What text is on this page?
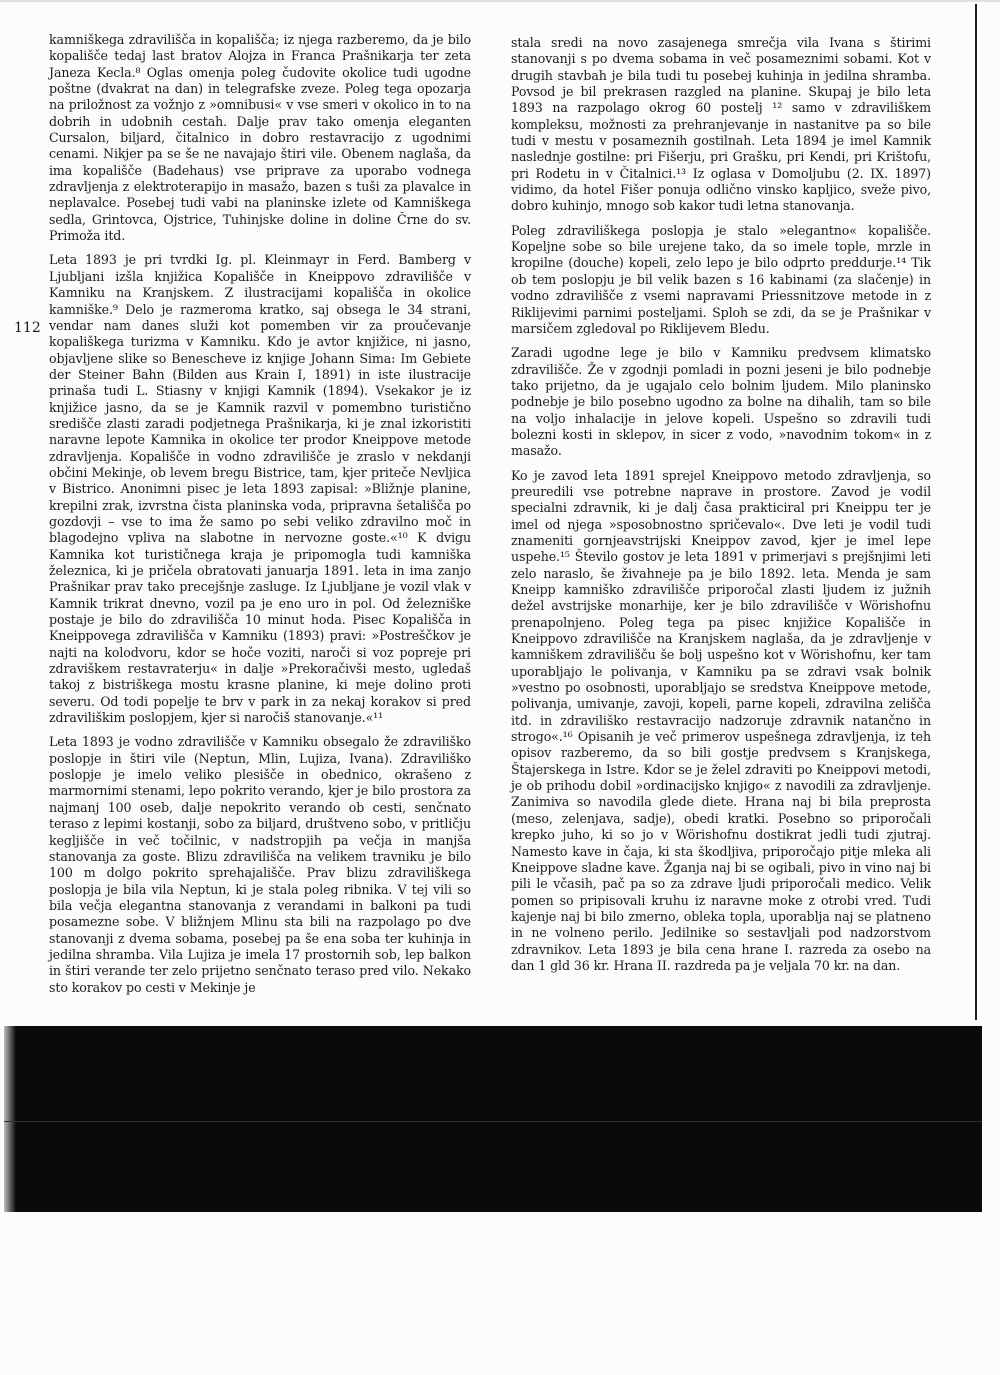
kamniškega zdravilišča in kopališča; iz njega razberemo, da je bilo kopališče tedaj last bratov Alojza in Franca Prašnikarja ter zeta Janeza Kecla.⁸ Oglas omenja poleg čudovite okolice tudi ugodne poštne (dvakrat na dan) in telegrafske zveze. Poleg tega opozarja na priložnost za vožnjo z »omnibusi« v vse smeri v okolico in to na dobrih in udobnih cestah. Dalje prav tako omenja eleganten Cursalon, biljard, čitalnico in dobro restavracijo z ugodnimi cenami. Nikjer pa se še ne navajajo štiri vile. Obenem naglaša, da ima kopališče (Badehaus) vse priprave za uporabo vodnega zdravljenja z elektroterapijo in masažo, bazen s tuši za plavalce in neplavalce. Posebej tudi vabi na planinske izlete od Kamniškega sedla, Grintovca, Ojstrice, Tuhinjske doline in doline Črne do sv. Primoža itd.

Leta 1893 je pri tvrdki Ig. pl. Kleinmayr in Ferd. Bamberg v Ljubljani izšla knjižica Kopališče in Kneippovo zdravilišče v Kamniku na Kranjskem. Z ilustracijami kopališča in okolice kamniške.⁹ Delo je razmeroma kratko, saj obsega le 34 strani, vendar nam danes služi kot pomemben vir za proučevanje kopališkega turizma v Kamniku. Kdo je avtor knjižice, ni jasno, objavljene slike so Benescheve iz knjige Johann Sima: Im Gebiete der Steiner Bahn (Bilden aus Krain I, 1891) in iste ilustracije prinaša tudi L. Stiasny v knjigi Kamnik (1894). Vsekakor je iz knjižice jasno, da se je Kamnik razvil v pomembno turistično središče zlasti zaradi podjetnega Prašnikarja, ki je znal izkoristiti naravne lepote Kamnika in okolice ter prodor Kneippove metode zdravljenja. Kopališče in vodno zdravilišče je zraslo v nekdanji občini Mekinje, ob levem bregu Bistrice, tam, kjer priteče Nevljica v Bistrico. Anonimni pisec je leta 1893 zapisal: »Bližnje planine, krepilni zrak, izvrstna čista planinska voda, pripravna šetališča po gozdovji – vse to ima že samo po sebi veliko zdravilno moč in blagodejno vpliva na slabotne in nervozne goste.«¹⁰ K dvigu Kamnika kot turističnega kraja je pripomogla tudi kamniška železnica, ki je pričela obratovati januarja 1891. leta in ima zanjo Prašnikar prav tako precejšnje zasluge. Iz Ljubljane je vozil vlak v Kamnik trikrat dnevno, vozil pa je eno uro in pol. Od železniške postaje je bilo do zdravilišča 10 minut hoda. Pisec Kopališča in Kneippovega zdravilišča v Kamniku (1893) pravi: »Postreščkov je najti na kolodvoru, kdor se hoče voziti, naroči si voz popreje pri zdraviškem restavraterju« in dalje »Prekoračivši mesto, ugledaš takoj z bistriškega mostu krasne planine, ki meje dolino proti severu. Od todi popelje te brv v park in za nekaj korakov si pred zdraviliškim poslopjem, kjer si naročiš stanovanje.«¹¹

Leta 1893 je vodno zdravilišče v Kamniku obsegalo že zdraviliško poslopje in štiri vile (Neptun, Mlin, Lujiza, Ivana). Zdraviliško poslopje je imelo veliko plesišče in obednico, okrašeno z marmornimi stenami, lepo pokrito verando, kjer je bilo prostora za najmanj 100 oseb, dalje nepokrito verando ob cesti, senčnato teraso z lepimi kostanji, sobo za biljard, društveno sobo, v pritličju kegljišče in več točilnic, v nadstropjih pa večja in manjša stanovanja za goste. Blizu zdravilišča na velikem travniku je bilo 100 m dolgo pokrito sprehajališče. Prav blizu zdraviliškega poslopja je bila vila Neptun, ki je stala poleg ribnika. V tej vili so bila večja elegantna stanovanja z verandami in balkoni pa tudi posamezne sobe. V bližnjem Mlinu sta bili na razpolago po dve stanovanji z dvema sobama, posebej pa še ena soba ter kuhinja in jedilna shramba. Vila Lujiza je imela 17 prostornih sob, lep balkon in štiri verande ter zelo prijetno senčnato teraso pred vilo. Nekako sto korakov po cesti v Mekinje je

112

stala sredi na novo zasajenega smrečja vila Ivana s štirimi stanovanji s po dvema sobama in več posameznimi sobami. Kot v drugih stavbah je bila tudi tu posebej kuhinja in jedilna shramba. Povsod je bil prekrasen razgled na planine. Skupaj je bilo leta 1893 na razpolago okrog 60 postelj ¹² samo v zdraviliškem kompleksu, možnosti za prehranjevanje in nastanitve pa so bile tudi v mestu v posameznih gostilnah. Leta 1894 je imel Kamnik naslednje gostilne: pri Fišerju, pri Grašku, pri Kendi, pri Krištofu, pri Rodetu in v Čitalnici.¹³ Iz oglasa v Domoljubu (2. IX. 1897) vidimo, da hotel Fišer ponuja odlično vinsko kapljico, sveže pivo, dobro kuhinjo, mnogo sob kakor tudi letna stanovanja.

Poleg zdraviliškega poslopja je stalo »elegantno« kopališče. Kopeljne sobe so bile urejene tako, da so imele tople, mrzle in kropilne (douche) kopeli, zelo lepo je bilo odprto preddurje.¹⁴ Tik ob tem poslopju je bil velik bazen s 16 kabinami (za slačenje) in vodno zdravilišče z vsemi napravami Priessnitzove metode in z Riklijevimi parnimi posteljami. Sploh se zdi, da se je Prašnikar v marsičem zgledoval po Riklijevem Bledu.

Zaradi ugodne lege je bilo v Kamniku predvsem klimatsko zdravilišče. Že v zgodnji pomladi in pozni jeseni je bilo podnebje tako prijetno, da je ugajalo celo bolnim ljudem. Milo planinsko podnebje je bilo posebno ugodno za bolne na dihalih, tam so bile na voljo inhalacije in jelove kopeli. Uspešno so zdravili tudi bolezni kosti in sklepov, in sicer z vodo, »navodnim tokom« in z masažo.

Ko je zavod leta 1891 sprejel Kneippovo metodo zdravljenja, so preuredili vse potrebne naprave in prostore. Zavod je vodil specialni zdravnik, ki je dalj časa prakticiral pri Kneippu ter je imel od njega »sposobnostno spričevalo«. Dve leti je vodil tudi znameniti gornjeavstrijski Kneippov zavod, kjer je imel lepe uspehe.¹⁵ Število gostov je leta 1891 v primerjavi s prejšnjimi leti zelo naraslo, še živahneje pa je bilo 1892. leta. Menda je sam Kneipp kamniško zdravilišče priporočal zlasti ljudem iz južnih dežel avstrijske monarhije, ker je bilo zdravilišče v Wörishofnu prenapolnjeno. Poleg tega pa pisec knjižice Kopališče in Kneippovo zdravilišče na Kranjskem naglaša, da je zdravljenje v kamniškem zdravilišču še bolj uspešno kot v Wörishofnu, ker tam uporabljajo le polivanja, v Kamniku pa se zdravi vsak bolnik »vestno po osobnosti, uporabljajo se sredstva Kneippove metode, polivanja, umivanje, zavoji, kopeli, parne kopeli, zdravilna zelišča itd. in zdraviliško restavracijo nadzoruje zdravnik natančno in strogo«.¹⁶ Opisanih je več primerov uspešnega zdravljenja, iz teh opisov razberemo, da so bili gostje predvsem s Kranjskega, Štajerskega in Istre. Kdor se je želel zdraviti po Kneippovi metodi, je ob prihodu dobil »ordinacijsko knjigo« z navodili za zdravljenje. Zanimiva so navodila glede diete. Hrana naj bi bila preprosta (meso, zelenjava, sadje), obedi kratki. Posebno so priporočali krepko juho, ki so jo v Wörishofnu dostikrat jedli tudi zjutraj. Namesto kave in čaja, ki sta škodljiva, priporočajo pitje mleka ali Kneippove sladne kave. Žganja naj bi se ogibali, pivo in vino naj bi pili le včasih, pač pa so za zdrave ljudi priporočali medico. Velik pomen so pripisovali kruhu iz naravne moke z otrobi vred. Tudi kajenje naj bi bilo zmerno, obleka topla, uporablja naj se platneno in ne volneno perilo. Jedilnike so sestavljali pod nadzorstvom zdravnikov. Leta 1893 je bila cena hrane I. razreda za osebo na dan 1 gld 36 kr. Hrana II. razdreda pa je veljala 70 kr. na dan.
